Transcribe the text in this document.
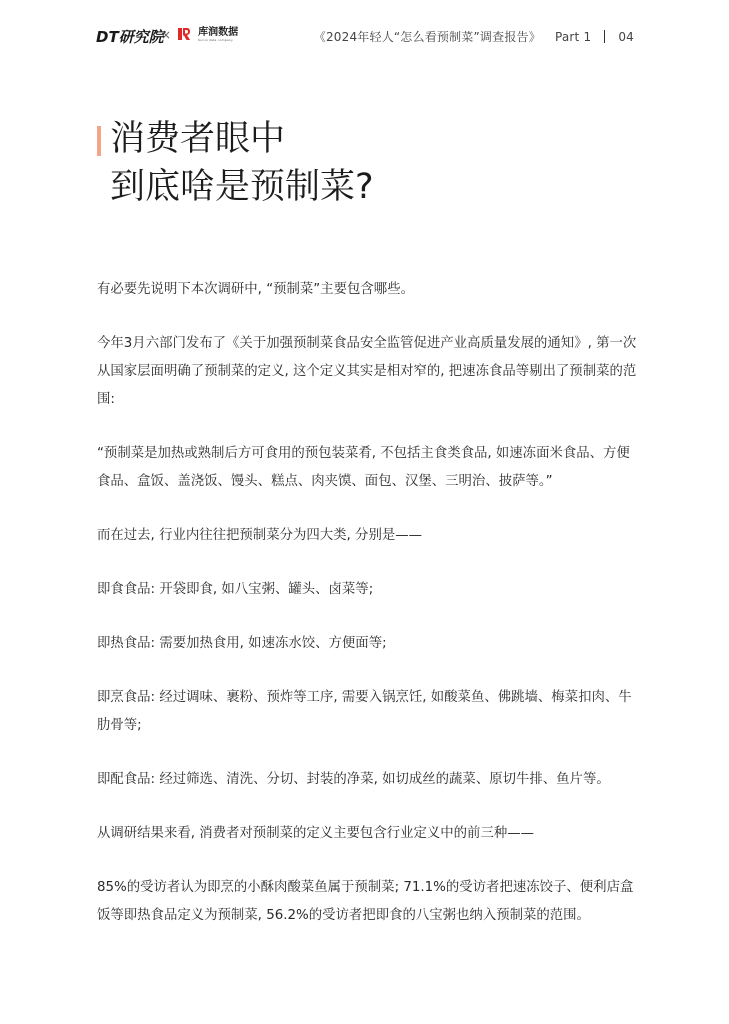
DT研究院
×	库润数据
Kurun data company	《2024年轻人“怎么看预制菜”调查报告》 Part 1 04
消费者眼中
到底啥是预制菜?

有必要先说明下本次调研中, “预制菜”主要包含哪些。

今年3月六部门发布了《关于加强预制菜食品安全监管促进产业高质量发展的通知》, 第一次从国家层面明确了预制菜的定义, 这个定义其实是相对窄的, 把速冻食品等剔出了预制菜的范围:

“预制菜是加热或熟制后方可食用的预包装菜肴, 不包括主食类食品, 如速冻面米食品、方便食品、盒饭、盖浇饭、馒头、糕点、肉夹馍、面包、汉堡、三明治、披萨等。”

而在过去, 行业内往往把预制菜分为四大类, 分别是——

即食食品: 开袋即食, 如八宝粥、罐头、卤菜等;

即热食品: 需要加热食用, 如速冻水饺、方便面等;

即烹食品: 经过调味、裹粉、预炸等工序, 需要入锅烹饪, 如酸菜鱼、佛跳墙、梅菜扣肉、牛肋骨等;

即配食品: 经过筛选、清洗、分切、封装的净菜, 如切成丝的蔬菜、原切牛排、鱼片等。

从调研结果来看, 消费者对预制菜的定义主要包含行业定义中的前三种——

85%的受访者认为即烹的小酥肉酸菜鱼属于预制菜; 71.1%的受访者把速冻饺子、便利店盒饭等即热食品定义为预制菜, 56.2%的受访者把即食的八宝粥也纳入预制菜的范围。
